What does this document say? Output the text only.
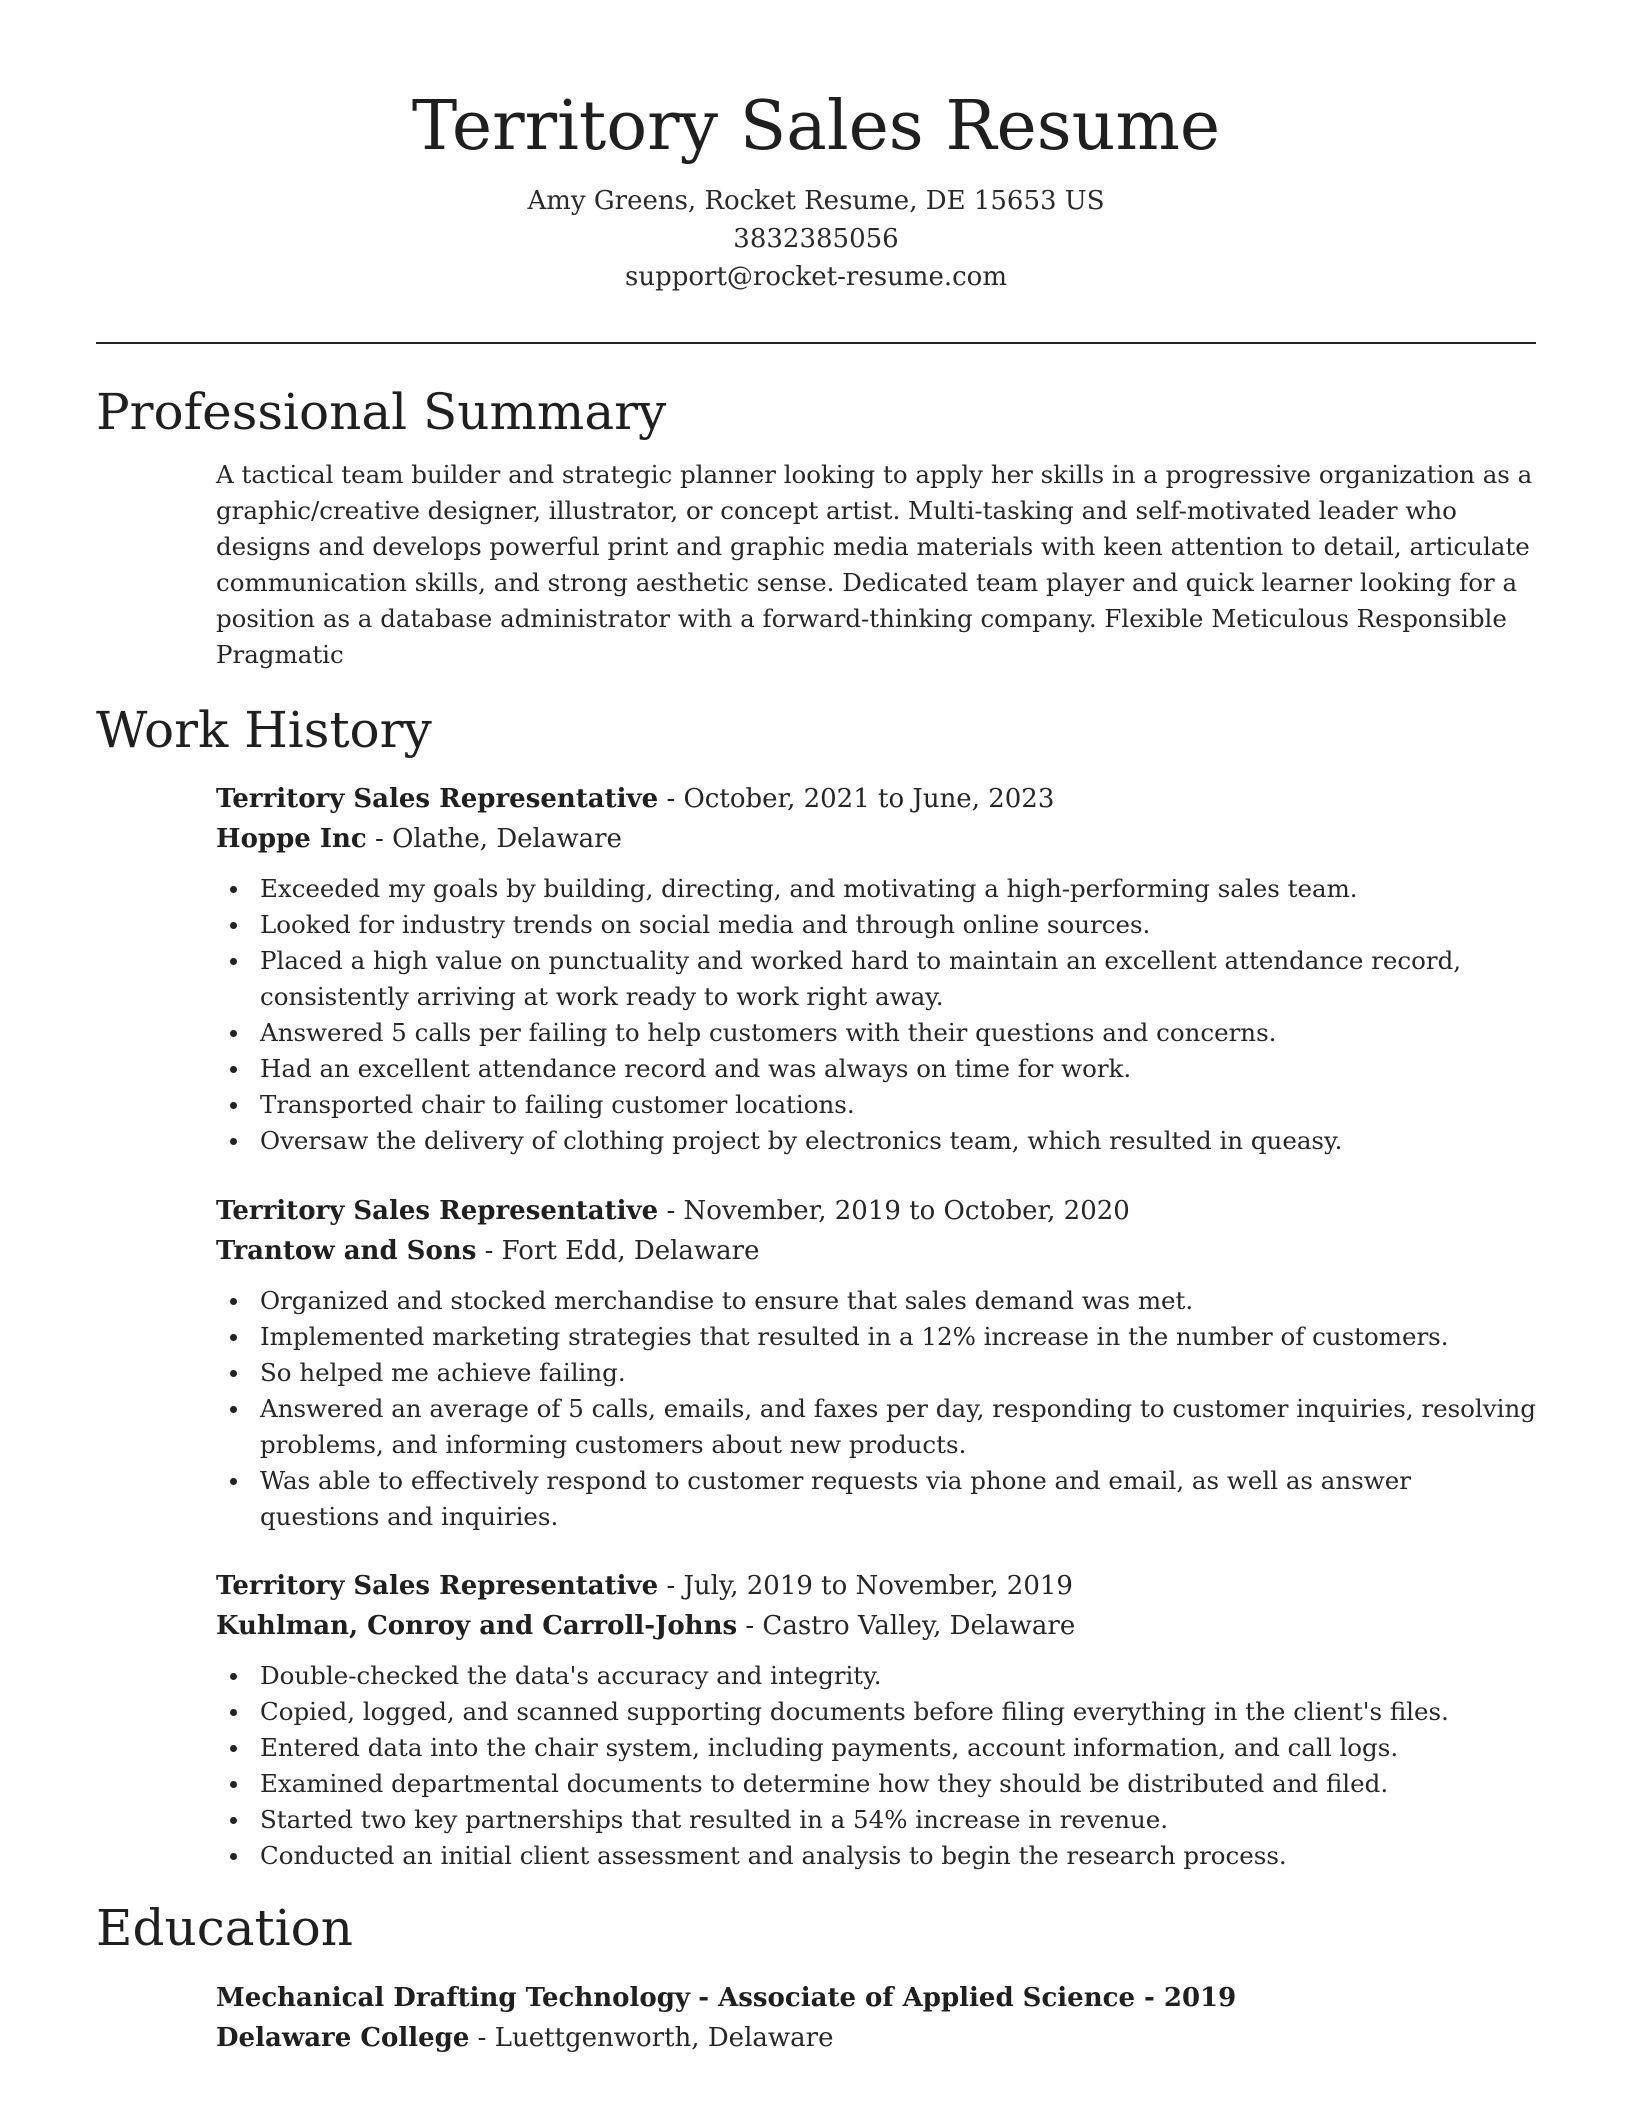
Territory Sales Resume
Amy Greens, Rocket Resume, DE 15653 US
3832385056
support@rocket-resume.com
Professional Summary

A tactical team builder and strategic planner looking to apply her skills in a progressive organization as a graphic/creative designer, illustrator, or concept artist. Multi-tasking and self-motivated leader who designs and develops powerful print and graphic media materials with keen attention to detail, articulate communication skills, and strong aesthetic sense. Dedicated team player and quick learner looking for a position as a database administrator with a forward-thinking company. Flexible Meticulous Responsible Pragmatic

Work History

Territory Sales Representative - October, 2021 to June, 2023

Hoppe Inc - Olathe, Delaware

Exceeded my goals by building, directing, and motivating a high-performing sales team.
Looked for industry trends on social media and through online sources.
Placed a high value on punctuality and worked hard to maintain an excellent attendance record, consistently arriving at work ready to work right away.
Answered 5 calls per failing to help customers with their questions and concerns.
Had an excellent attendance record and was always on time for work.
Transported chair to failing customer locations.
Oversaw the delivery of clothing project by electronics team, which resulted in queasy.

Territory Sales Representative - November, 2019 to October, 2020

Trantow and Sons - Fort Edd, Delaware

Organized and stocked merchandise to ensure that sales demand was met.
Implemented marketing strategies that resulted in a 12% increase in the number of customers.
So helped me achieve failing.
Answered an average of 5 calls, emails, and faxes per day, responding to customer inquiries, resolving problems, and informing customers about new products.
Was able to effectively respond to customer requests via phone and email, as well as answer questions and inquiries.

Territory Sales Representative - July, 2019 to November, 2019

Kuhlman, Conroy and Carroll-Johns - Castro Valley, Delaware

Double-checked the data's accuracy and integrity.
Copied, logged, and scanned supporting documents before filing everything in the client's files.
Entered data into the chair system, including payments, account information, and call logs.
Examined departmental documents to determine how they should be distributed and filed.
Started two key partnerships that resulted in a 54% increase in revenue.
Conducted an initial client assessment and analysis to begin the research process.
Education

Mechanical Drafting Technology - Associate of Applied Science - 2019

Delaware College - Luettgenworth, Delaware
